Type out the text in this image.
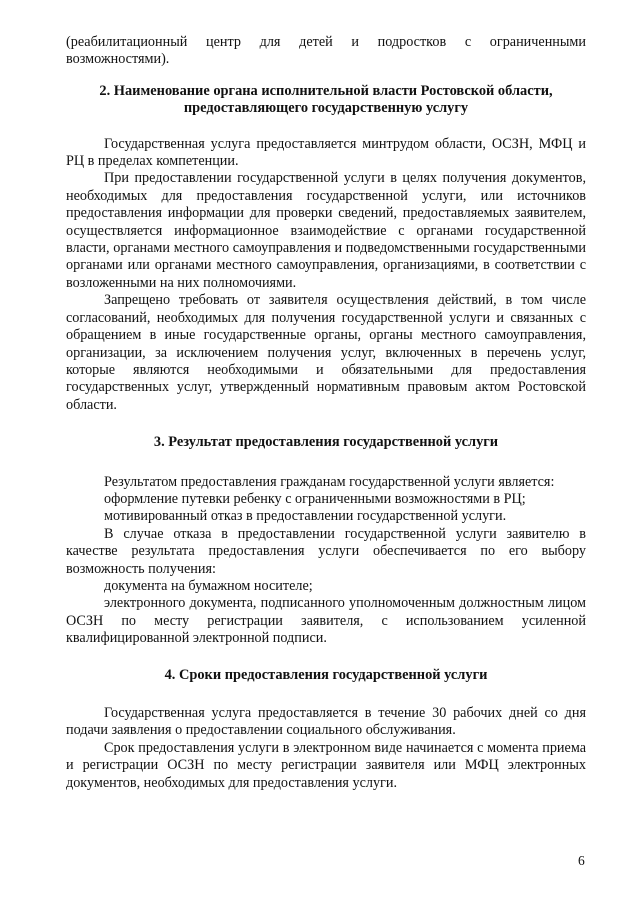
(реабилитационный центр для детей и подростков с ограниченными возможностями).

2. Наименование органа исполнительной власти Ростовской области,

предоставляющего государственную услугу

Государственная услуга предоставляется минтрудом области, ОСЗН, МФЦ и РЦ в пределах компетенции.

При предоставлении государственной услуги в целях получения документов, необходимых для предоставления государственной услуги, или источников предоставления информации для проверки сведений, предоставляемых заявителем, осуществляется информационное взаимодействие с органами государственной власти, органами местного самоуправления и подведомственными государственными органами или органами местного самоуправления, организациями, в соответствии с возложенными на них полномочиями.

Запрещено требовать от заявителя осуществления действий, в том числе согласований, необходимых для получения государственной услуги и связанных с обращением в иные государственные органы, органы местного самоуправления, организации, за исключением получения услуг, включенных в перечень услуг, которые являются необходимыми и обязательными для предоставления государственных услуг, утвержденный нормативным правовым актом Ростовской области.

3. Результат предоставления государственной услуги

Результатом предоставления гражданам государственной услуги является:

оформление путевки ребенку с ограниченными возможностями в РЦ;

мотивированный отказ в предоставлении государственной услуги.

В случае отказа в предоставлении государственной услуги заявителю в качестве результата предоставления услуги обеспечивается по его выбору возможность получения:

документа на бумажном носителе;

электронного документа, подписанного уполномоченным должностным лицом ОСЗН по месту регистрации заявителя, с использованием усиленной квалифицированной электронной подписи.

4. Сроки предоставления государственной услуги

Государственная услуга предоставляется в течение 30 рабочих дней со дня подачи заявления о предоставлении социального обслуживания.

Срок предоставления услуги в электронном виде начинается с момента приема и регистрации ОСЗН по месту регистрации заявителя или МФЦ электронных документов, необходимых для предоставления услуги.

6
